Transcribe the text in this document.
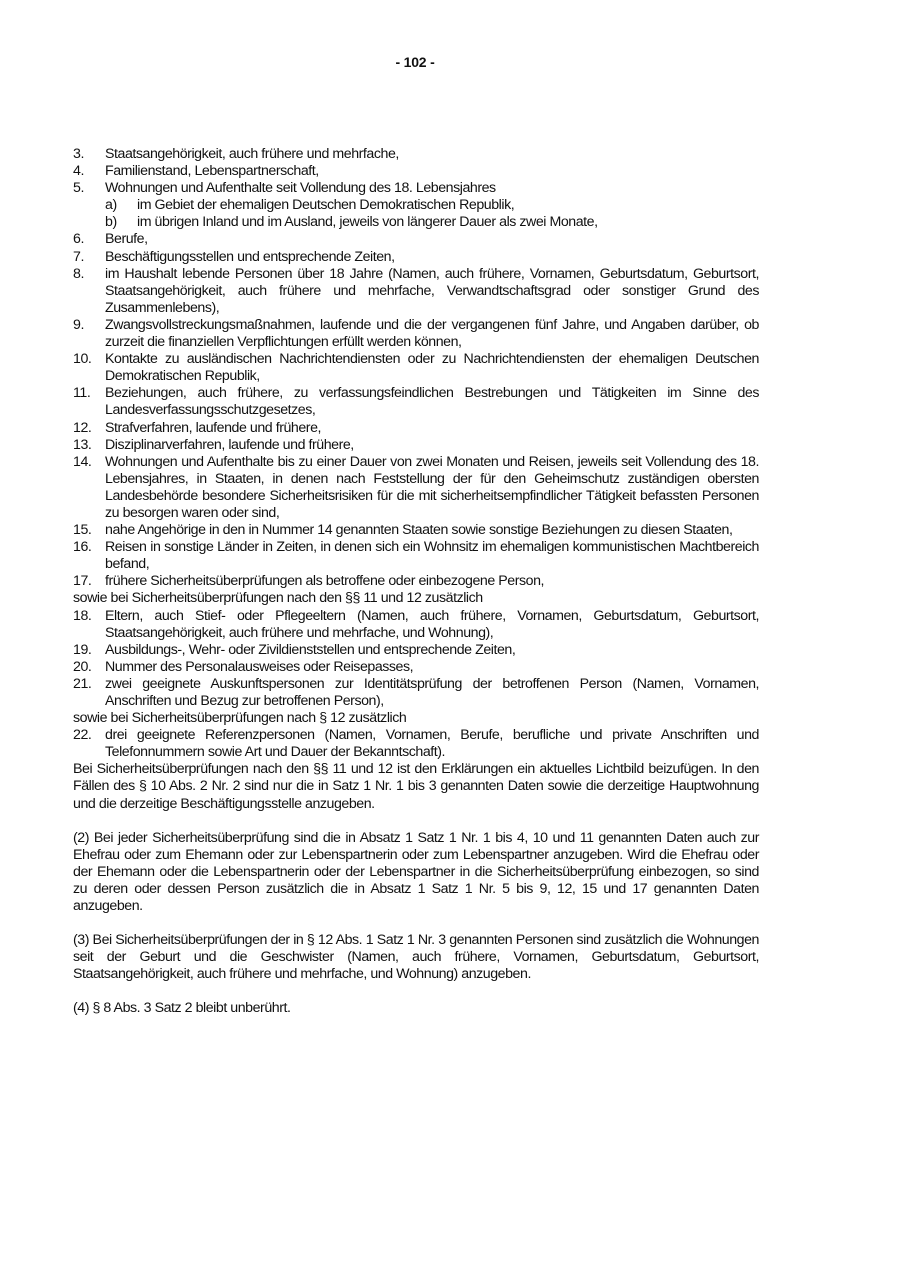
- 102 -
3. Staatsangehörigkeit, auch frühere und mehrfache,
4. Familienstand, Lebenspartnerschaft,
5. Wohnungen und Aufenthalte seit Vollendung des 18. Lebensjahres
a) im Gebiet der ehemaligen Deutschen Demokratischen Republik,
b) im übrigen Inland und im Ausland, jeweils von längerer Dauer als zwei Monate,
6. Berufe,
7. Beschäftigungsstellen und entsprechende Zeiten,
8. im Haushalt lebende Personen über 18 Jahre (Namen, auch frühere, Vornamen, Geburtsdatum, Geburtsort, Staatsangehörigkeit, auch frühere und mehrfache, Verwandtschaftsgrad oder sonstiger Grund des Zusammenlebens),
9. Zwangsvollstreckungsmaßnahmen, laufende und die der vergangenen fünf Jahre, und Angaben darüber, ob zurzeit die finanziellen Verpflichtungen erfüllt werden können,
10. Kontakte zu ausländischen Nachrichtendiensten oder zu Nachrichtendiensten der ehemaligen Deutschen Demokratischen Republik,
11. Beziehungen, auch frühere, zu verfassungsfeindlichen Bestrebungen und Tätigkeiten im Sinne des Landesverfassungsschutzgesetzes,
12. Strafverfahren, laufende und frühere,
13. Disziplinarverfahren, laufende und frühere,
14. Wohnungen und Aufenthalte bis zu einer Dauer von zwei Monaten und Reisen, jeweils seit Vollendung des 18. Lebensjahres, in Staaten, in denen nach Feststellung der für den Geheimschutz zuständigen obersten Landesbehörde besondere Sicherheitsrisiken für die mit sicherheitsempfindlicher Tätigkeit befassten Personen zu besorgen waren oder sind,
15. nahe Angehörige in den in Nummer 14 genannten Staaten sowie sonstige Beziehungen zu diesen Staaten,
16. Reisen in sonstige Länder in Zeiten, in denen sich ein Wohnsitz im ehemaligen kommunistischen Machtbereich befand,
17. frühere Sicherheitsüberprüfungen als betroffene oder einbezogene Person,
sowie bei Sicherheitsüberprüfungen nach den §§ 11 und 12 zusätzlich
18. Eltern, auch Stief- oder Pflegeeltern (Namen, auch frühere, Vornamen, Geburtsdatum, Geburtsort, Staatsangehörigkeit, auch frühere und mehrfache, und Wohnung),
19. Ausbildungs-, Wehr- oder Zivildienststellen und entsprechende Zeiten,
20. Nummer des Personalausweises oder Reisepasses,
21. zwei geeignete Auskunftspersonen zur Identitätsprüfung der betroffenen Person (Namen, Vornamen, Anschriften und Bezug zur betroffenen Person),
sowie bei Sicherheitsüberprüfungen nach § 12 zusätzlich
22. drei geeignete Referenzpersonen (Namen, Vornamen, Berufe, berufliche und private Anschriften und Telefonnummern sowie Art und Dauer der Bekanntschaft).
Bei Sicherheitsüberprüfungen nach den §§ 11 und 12 ist den Erklärungen ein aktuelles Lichtbild beizufügen. In den Fällen des § 10 Abs. 2 Nr. 2 sind nur die in Satz 1 Nr. 1 bis 3 genannten Daten sowie die derzeitige Hauptwohnung und die derzeitige Beschäftigungsstelle anzugeben.
(2) Bei jeder Sicherheitsüberprüfung sind die in Absatz 1 Satz 1 Nr. 1 bis 4, 10 und 11 genannten Daten auch zur Ehefrau oder zum Ehemann oder zur Lebenspartnerin oder zum Lebenspartner anzugeben. Wird die Ehefrau oder der Ehemann oder die Lebenspartnerin oder der Lebenspartner in die Sicherheitsüberprüfung einbezogen, so sind zu deren oder dessen Person zusätzlich die in Absatz 1 Satz 1 Nr. 5 bis 9, 12, 15 und 17 genannten Daten anzugeben.
(3) Bei Sicherheitsüberprüfungen der in § 12 Abs. 1 Satz 1 Nr. 3 genannten Personen sind zusätzlich die Wohnungen seit der Geburt und die Geschwister (Namen, auch frühere, Vornamen, Geburtsdatum, Geburtsort, Staatsangehörigkeit, auch frühere und mehrfache, und Wohnung) anzugeben.
(4) § 8 Abs. 3 Satz 2 bleibt unberührt.
